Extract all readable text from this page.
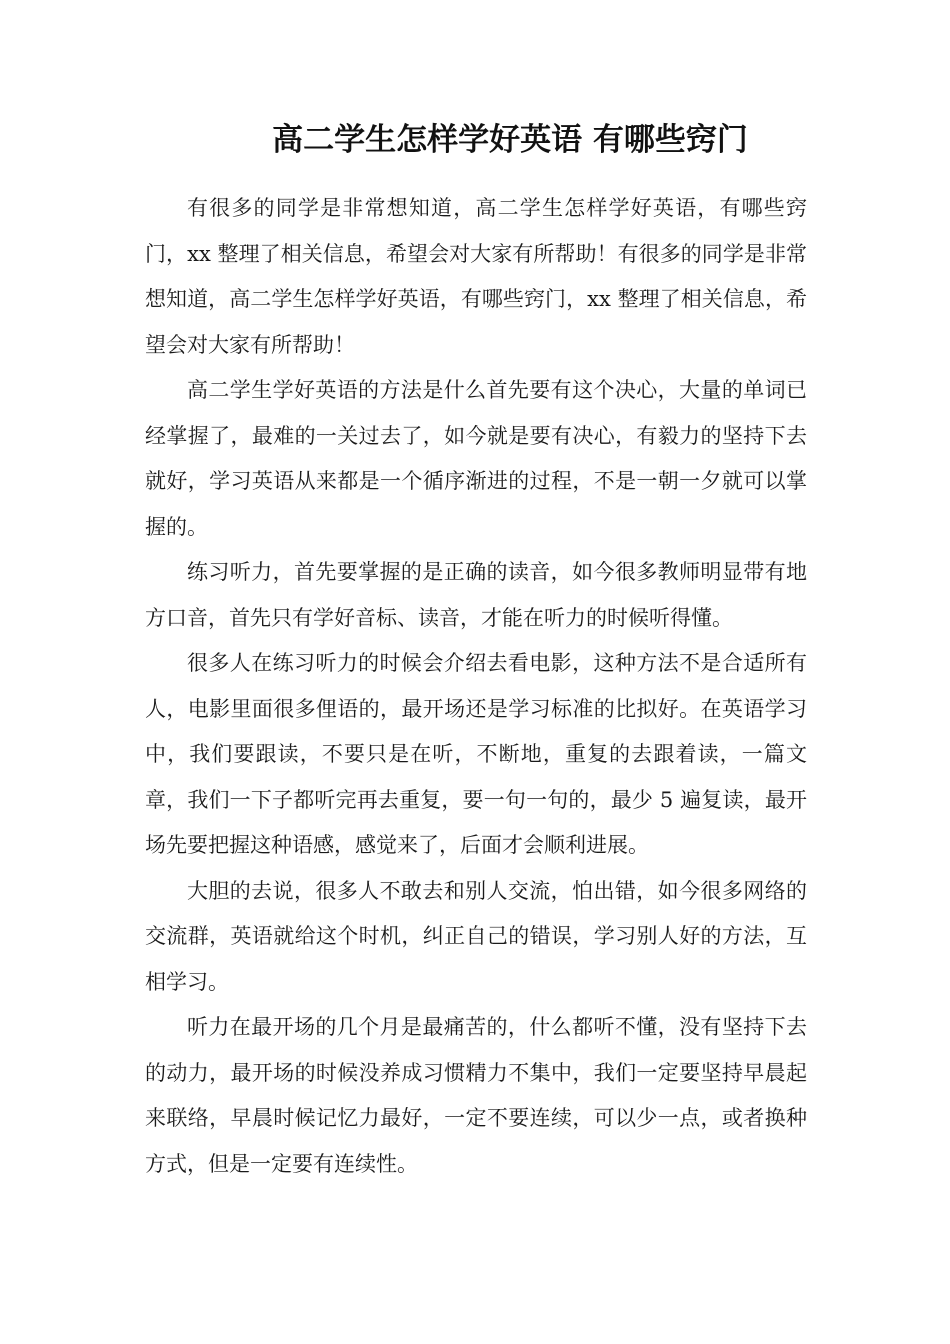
高二学生怎样学好英语 有哪些窍门

有很多的同学是非常想知道，高二学生怎样学好英语，有哪些窍门，xx 整理了相关信息，希望会对大家有所帮助！有很多的同学是非常想知道，高二学生怎样学好英语，有哪些窍门，xx 整理了相关信息，希望会对大家有所帮助！

高二学生学好英语的方法是什么首先要有这个决心，大量的单词已经掌握了，最难的一关过去了，如今就是要有决心，有毅力的坚持下去就好，学习英语从来都是一个循序渐进的过程，不是一朝一夕就可以掌握的。

练习听力，首先要掌握的是正确的读音，如今很多教师明显带有地方口音，首先只有学好音标、读音，才能在听力的时候听得懂。

很多人在练习听力的时候会介绍去看电影，这种方法不是合适所有人，电影里面很多俚语的，最开场还是学习标准的比拟好。在英语学习中，我们要跟读，不要只是在听，不断地，重复的去跟着读，一篇文章，我们一下子都听完再去重复，要一句一句的，最少 5 遍复读，最开场先要把握这种语感，感觉来了，后面才会顺利进展。

大胆的去说，很多人不敢去和别人交流，怕出错，如今很多网络的交流群，英语就给这个时机，纠正自己的错误，学习别人好的方法，互相学习。

听力在最开场的几个月是最痛苦的，什么都听不懂，没有坚持下去的动力，最开场的时候没养成习惯精力不集中，我们一定要坚持早晨起来联络，早晨时候记忆力最好，一定不要连续，可以少一点，或者换种方式，但是一定要有连续性。
